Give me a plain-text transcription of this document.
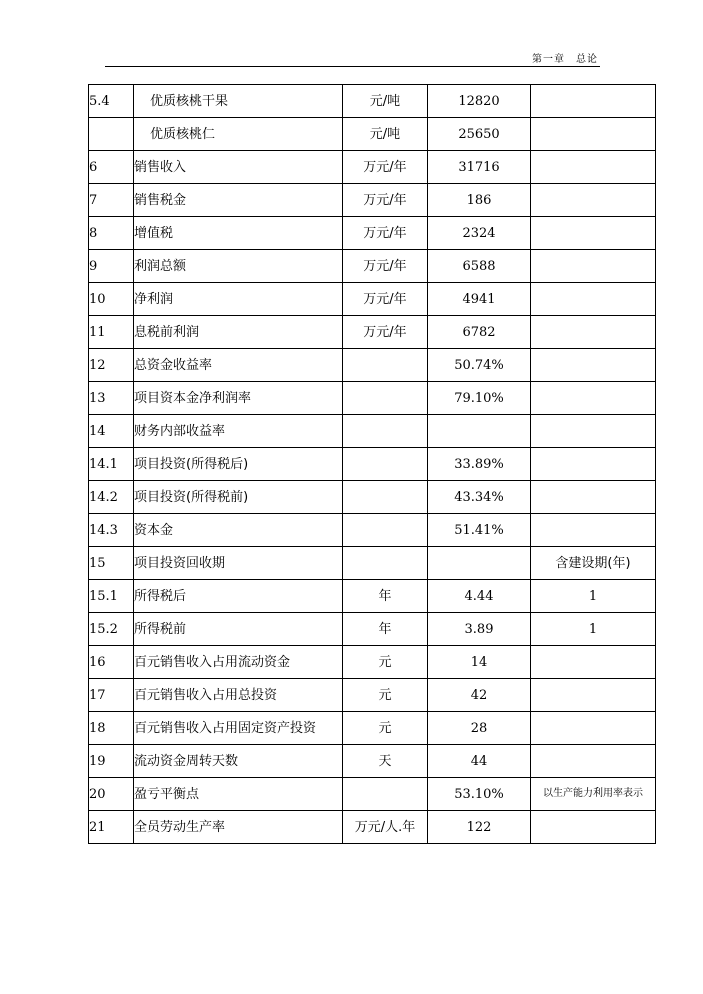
第一章　总论
5.4	优质核桃干果	元/吨	12820	
	优质核桃仁	元/吨	25650	
6	销售收入	万元/年	31716	
7	销售税金	万元/年	186	
8	增值税	万元/年	2324	
9	利润总额	万元/年	6588	
10	净利润	万元/年	4941	
11	息税前利润	万元/年	6782	
12	总资金收益率		50.74%	
13	项目资本金净利润率		79.10%	
14	财务内部收益率			
14.1	项目投资(所得税后)		33.89%	
14.2	项目投资(所得税前)		43.34%	
14.3	资本金		51.41%	
15	项目投资回收期			含建设期(年)
15.1	所得税后	年	4.44	1
15.2	所得税前	年	3.89	1
16	百元销售收入占用流动资金	元	14	
17	百元销售收入占用总投资	元	42	
18	百元销售收入占用固定资产投资	元	28	
19	流动资金周转天数	天	44	
20	盈亏平衡点		53.10%	以生产能力利用率表示
21	全员劳动生产率	万元/人.年	122	
